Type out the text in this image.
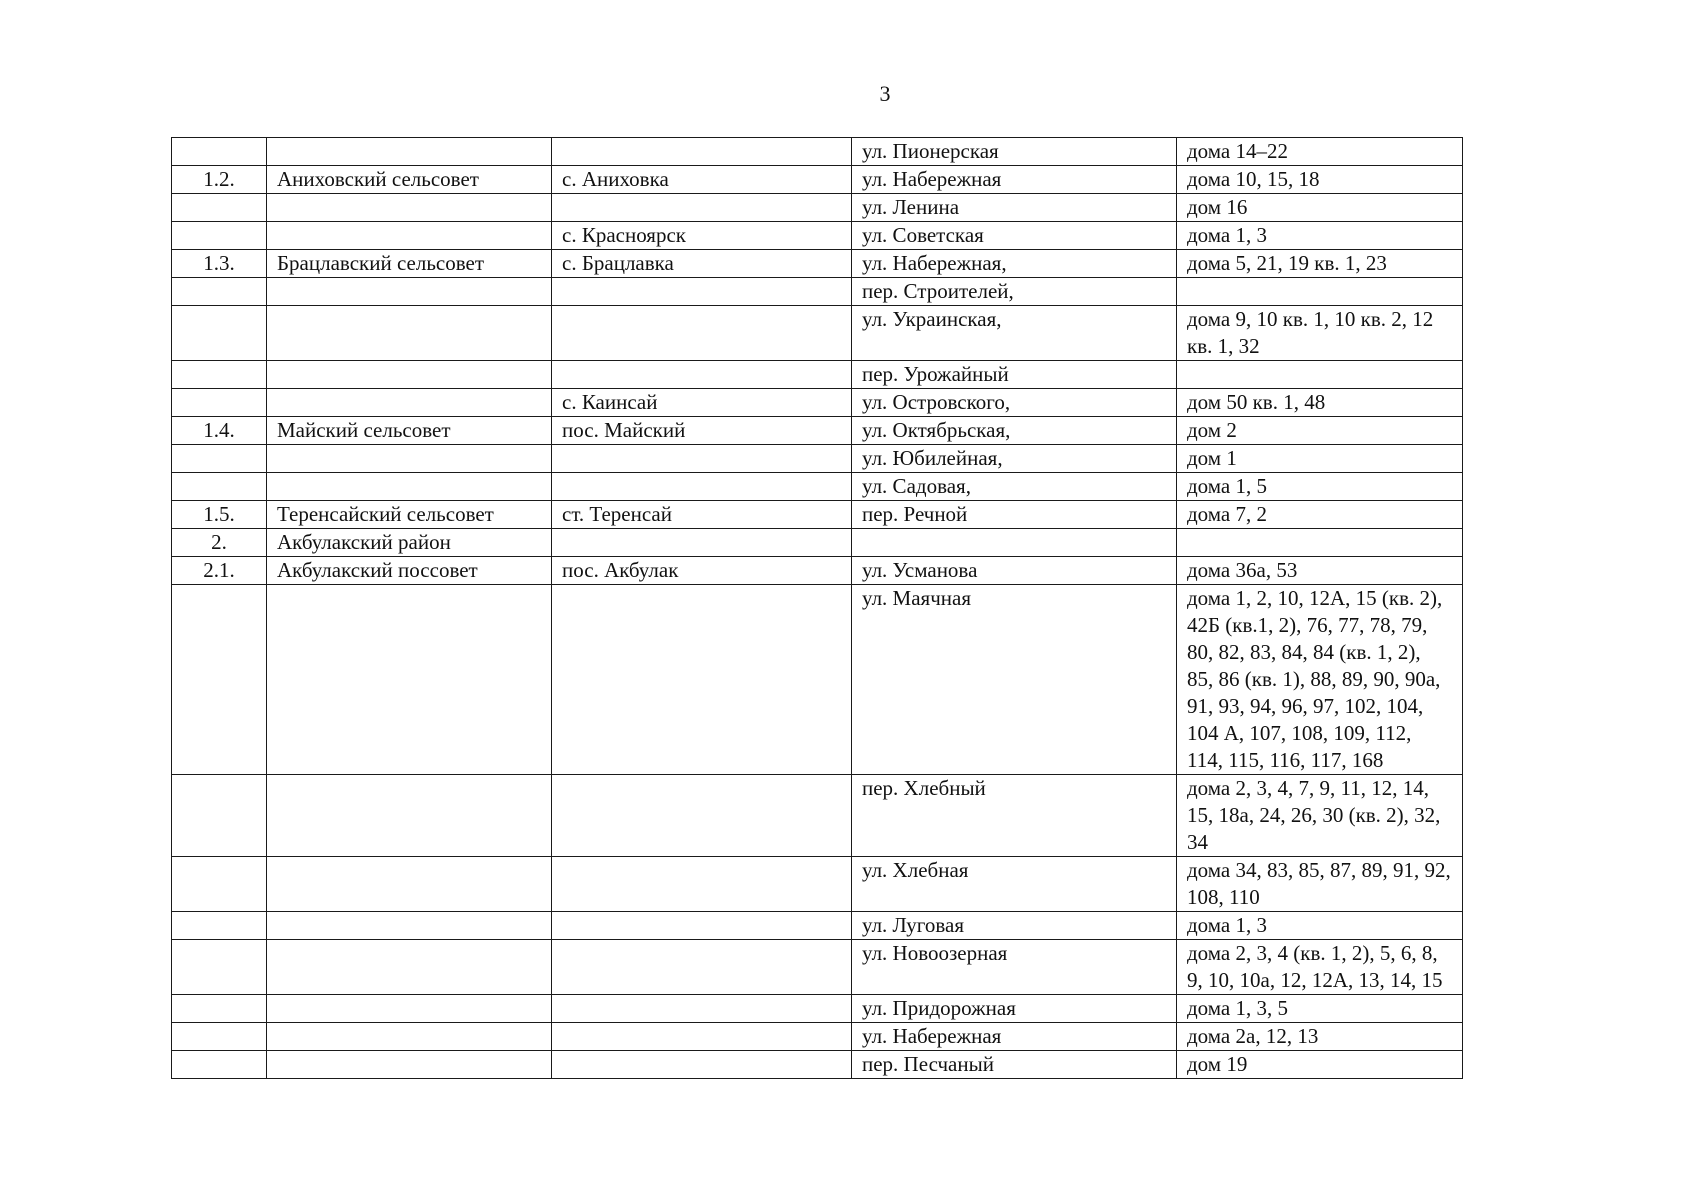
3
			ул. Пионерская	дома 14–22
1.2.	Аниховский сельсовет	с. Аниховка	ул. Набережная	дома 10, 15, 18
			ул. Ленина	дом 16
		с. Красноярск	ул. Советская	дома 1, 3
1.3.	Брацлавский сельсовет	с. Брацлавка	ул. Набережная,	дома 5, 21, 19 кв. 1, 23
			пер. Строителей,	
			ул. Украинская,	дома 9, 10 кв. 1, 10 кв. 2, 12 кв. 1, 32
			пер. Урожайный	
		с. Каинсай	ул. Островского,	дом 50 кв. 1, 48
1.4.	Майский сельсовет	пос. Майский	ул. Октябрьская,	дом 2
			ул. Юбилейная,	дом 1
			ул. Садовая,	дома 1, 5
1.5.	Теренсайский сельсовет	ст. Теренсай	пер. Речной	дома 7, 2
2.	Акбулакский район			
2.1.	Акбулакский поссовет	пос. Акбулак	ул. Усманова	дома 36а, 53
			ул. Маячная	дома 1, 2, 10, 12А, 15 (кв. 2), 42Б (кв.1, 2), 76, 77, 78, 79, 80, 82, 83, 84, 84 (кв. 1, 2), 85, 86 (кв. 1), 88, 89, 90, 90а, 91, 93, 94, 96, 97, 102, 104, 104 А, 107, 108, 109, 112, 114, 115, 116, 117, 168
			пер. Хлебный	дома 2, 3, 4, 7, 9, 11, 12, 14, 15, 18а, 24, 26, 30 (кв. 2), 32, 34
			ул. Хлебная	дома 34, 83, 85, 87, 89, 91, 92, 108, 110
			ул. Луговая	дома 1, 3
			ул. Новоозерная	дома 2, 3, 4 (кв. 1, 2), 5, 6, 8, 9, 10, 10а, 12, 12А, 13, 14, 15
			ул. Придорожная	дома 1, 3, 5
			ул. Набережная	дома 2а, 12, 13
			пер. Песчаный	дом 19
